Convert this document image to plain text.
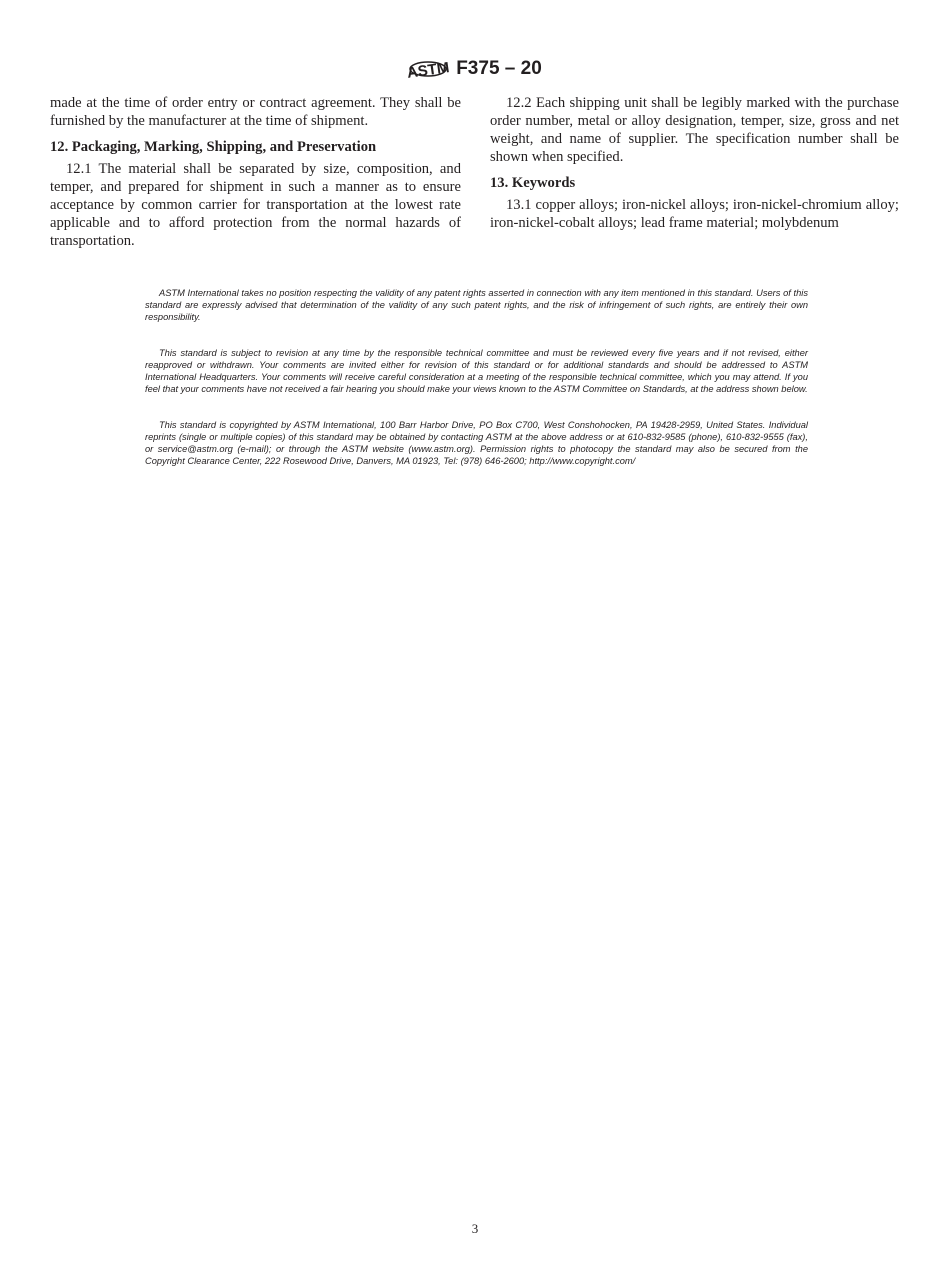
ASTM F375 – 20

made at the time of order entry or contract agreement. They shall be furnished by the manufacturer at the time of shipment.

12. Packaging, Marking, Shipping, and Preservation

12.1 The material shall be separated by size, composition, and temper, and prepared for shipment in such a manner as to ensure acceptance by common carrier for transportation at the lowest rate applicable and to afford protection from the normal hazards of transportation.

12.2 Each shipping unit shall be legibly marked with the purchase order number, metal or alloy designation, temper, size, gross and net weight, and name of supplier. The specification number shall be shown when specified.

13. Keywords

13.1 copper alloys; iron-nickel alloys; iron-nickel-chromium alloy; iron-nickel-cobalt alloys; lead frame material; molybdenum

ASTM International takes no position respecting the validity of any patent rights asserted in connection with any item mentioned in this standard. Users of this standard are expressly advised that determination of the validity of any such patent rights, and the risk of infringement of such rights, are entirely their own responsibility.

This standard is subject to revision at any time by the responsible technical committee and must be reviewed every five years and if not revised, either reapproved or withdrawn. Your comments are invited either for revision of this standard or for additional standards and should be addressed to ASTM International Headquarters. Your comments will receive careful consideration at a meeting of the responsible technical committee, which you may attend. If you feel that your comments have not received a fair hearing you should make your views known to the ASTM Committee on Standards, at the address shown below.

This standard is copyrighted by ASTM International, 100 Barr Harbor Drive, PO Box C700, West Conshohocken, PA 19428-2959, United States. Individual reprints (single or multiple copies) of this standard may be obtained by contacting ASTM at the above address or at 610-832-9585 (phone), 610-832-9555 (fax), or service@astm.org (e-mail); or through the ASTM website (www.astm.org). Permission rights to photocopy the standard may also be secured from the Copyright Clearance Center, 222 Rosewood Drive, Danvers, MA 01923, Tel: (978) 646-2600; http://www.copyright.com/

3
